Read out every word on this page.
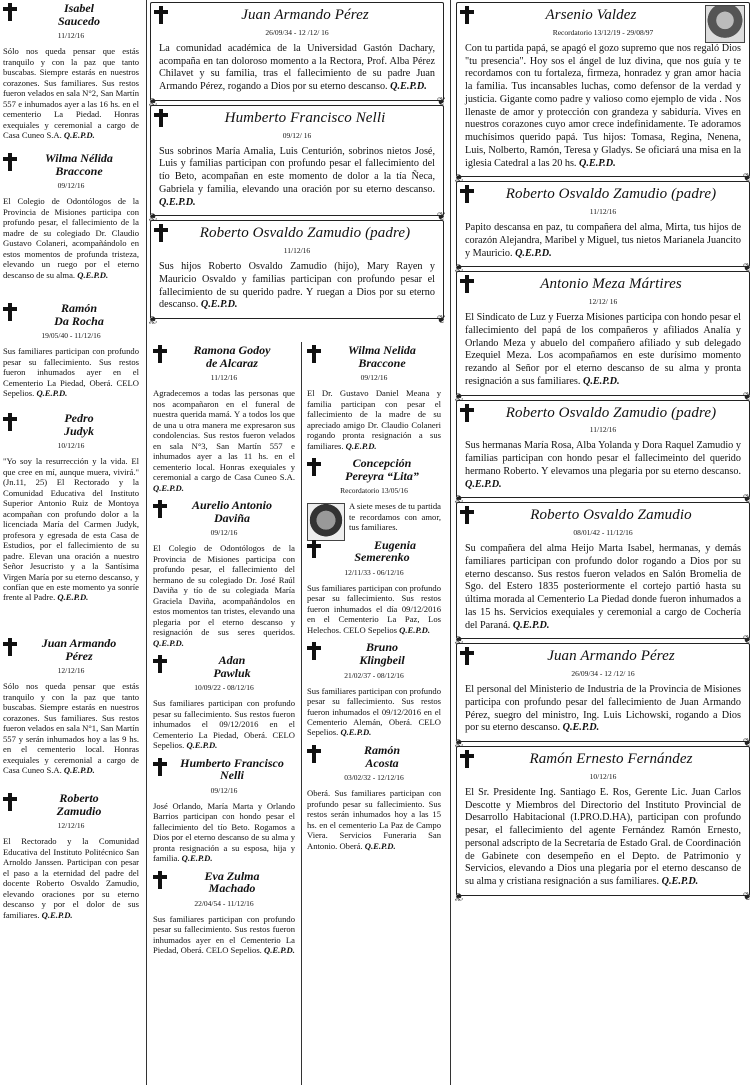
Isabel
Saucedo
11/12/16
Sólo nos queda pensar que estás tranquilo y con la paz que tanto buscabas. Siempre estarás en nuestros corazones. Sus familiares. Sus restos fueron velados en sala N°2, San Martín 557 e inhumados ayer a las 16 hs. en el cementerio La Piedad. Honras exequiales y ceremonial a cargo de Casa Cuneo S.A. Q.E.P.D.
Wilma Nélida
Braccone
09/12/16
El Colegio de Odontólogos de la Provincia de Misiones participa con profundo pesar, el fallecimiento de la madre de su colegiado Dr. Claudio Gustavo Colaneri, acompañándolo en estos momentos de profunda tristeza, elevando un ruego por el eterno descanso de su alma. Q.E.P.D.
Ramón
Da Rocha
19/05/40 - 11/12/16
Sus familiares participan con profundo pesar su fallecimiento. Sus restos fueron inhumados ayer en el Cementerio La Piedad, Oberá. CELO Sepelios. Q.E.P.D.
Pedro
Judyk
10/12/16
"Yo soy la resurrección y la vida. El que cree en mí, aunque muera, vivirá." (Jn.11, 25) El Rectorado y la Comunidad Educativa del Instituto Superior Antonio Ruiz de Montoya acompañan con profundo dolor a la licenciada María del Carmen Judyk, profesora y egresada de esta Casa de Estudios, por el fallecimiento de su padre. Elevan una oración a nuestro Señor Jesucristo y a la Santísima Virgen María por su eterno descanso, y confían que en este momento ya sonríe frente al Padre. Q.E.P.D.
Juan Armando
Pérez
12/12/16
Sólo nos queda pensar que estás tranquilo y con la paz que tanto buscabas. Siempre estarás en nuestros corazones. Sus familiares. Sus restos fueron velados en sala N°1, San Martín 557 y serán inhumados hoy a las 9 hs. en el cementerio local. Honras exequiales y ceremonial a cargo de Casa Cuneo S.A. Q.E.P.D.
Roberto
Zamudio
12/12/16
El Rectorado y la Comunidad Educativa del Instituto Politécnico San Arnoldo Janssen. Participan con pesar el paso a la eternidad del padre del docente Roberto Osvaldo Zamudio, elevando oraciones por su eterno descanso y por el dolor de sus familiares. Q.E.P.D.
❦ Juan Armando Pérez
26/09/34 - 12 /12/ 16
La comunidad académica de la Universidad Gastón Dachary, acompaña en tan doloroso momento a la Rectora, Prof. Alba Pérez Chilavet y su familia, tras el fallecimiento de su padre Juan Armando Pérez, rogando a Dios por su eterno descanso. Q.E.P.D.
❦
❦ Humberto Francisco Nelli
09/12/ 16
Sus sobrinos María Amalia, Luis Centurión, sobrinos nietos José, Luis y familias participan con profundo pesar el fallecimiento del tío Beto, acompañan en este momento de dolor a la tía Ñeca, Gabriela y familia, elevando una oración por su eterno descanso. Q.E.P.D.
❦
❦ Roberto Osvaldo Zamudio (padre)
11/12/16
Sus hijos Roberto Osvaldo Zamudio (hijo), Mary Rayen y Mauricio Osvaldo y familias participan con profundo pesar el fallecimiento de su querido padre. Y ruegan a Dios por su eterno descanso. Q.E.P.D.
❦
Ramona Godoy
de Alcaraz
11/12/16
Agradecemos a todas las personas que nos acompañaron en el funeral de nuestra querida mamá. Y a todos los que de una u otra manera me expresaron sus condolencias. Sus restos fueron velados en sala N°3, San Martín 557 e inhumados ayer a las 11 hs. en el cementerio local. Honras exequiales y ceremonial a cargo de Casa Cuneo S.A. Q.E.P.D.
Aurelio Antonio
Daviña
09/12/16
El Colegio de Odontólogos de la Provincia de Misiones participa con profundo pesar, el fallecimiento del hermano de su colegiado Dr. José Raúl Daviña y tío de su colegiada María Graciela Daviña, acompañándolos en estos momentos tan tristes, elevando una plegaria por el eterno descanso y resignación de sus seres queridos. Q.E.P.D.
Adan
Pawluk
10/09/22 - 08/12/16
Sus familiares participan con profundo pesar su fallecimiento. Sus restos fueron inhumados el 09/12/2016 en el Cementerio La Piedad, Oberá. CELO Sepelios. Q.E.P.D.
Humberto Francisco
Nelli
09/12/16
José Orlando, María Marta y Orlando Barrios participan con hondo pesar el fallecimiento del tío Beto. Rogamos a Dios por el eterno descanso de su alma y pronta resignación a su esposa, hija y familia. Q.E.P.D.
Eva Zulma
Machado
22/04/54 - 11/12/16
Sus familiares participan con profundo pesar su fallecimiento. Sus restos fueron inhumados ayer en el Cementerio La Piedad, Oberá. CELO Sepelios. Q.E.P.D.
Wilma Nelida
Braccone
09/12/16
El Dr. Gustavo Daniel Meana y familia participan con pesar el fallecimiento de la madre de su apreciado amigo Dr. Claudio Colaneri rogando pronta resignación a sus familiares. Q.E.P.D.
Concepción
Pereyra “Lita”
Recordatorio 13/05/16
A siete meses de tu partida te recordamos con amor, tus familiares.
Eugenia
Semerenko
12/11/33 - 06/12/16
Sus familiares participan con profundo pesar su fallecimiento. Sus restos fueron inhumados el día 09/12/2016 en el Cementerio La Paz, Los Helechos. CELO Sepelios Q.E.P.D.
Bruno
Klingbeil
21/02/37 - 08/12/16
Sus familiares participan con profundo pesar su fallecimiento. Sus restos fueron inhumados el 09/12/2016 en el Cementerio Alemán, Oberá. CELO Sepelios. Q.E.P.D.
Ramón
Acosta
03/02/32 - 12/12/16
Oberá. Sus familiares participan con profundo pesar su fallecimiento. Sus restos serán inhumados hoy a las 15 hs. en el cementerio La Paz de Campo Viera. Servicios Funeraria San Antonio. Oberá. Q.E.P.D.
❦ Arsenio Valdez
Recordatorio 13/12/19 - 29/08/97
Con tu partida papá, se apagó el gozo supremo que nos regaló Dios "tu presencia". Hoy sos el ángel de luz divina, que nos guía y te recordamos con tu fortaleza, firmeza, honradez y gran amor hacia la familia. Tus incansables luchas, como defensor de la verdad y justicia. Gigante como padre y valioso como ejemplo de vida . Nos llenaste de amor y protección con grandeza y sabiduría. Vives en nuestros corazones cuyo amor crece indefinidamente. Te adoramos muchísimos querido papá. Tus hijos: Tomasa, Regina, Nenena, Luis, Nolberto, Ramón, Teresa y Gladys. Se oficiará una misa en la iglesia Catedral a las 20 hs. Q.E.P.D.
❦
❦ Roberto Osvaldo Zamudio (padre)
11/12/16
Papito descansa en paz, tu compañera del alma, Mirta, tus hijos de corazón Alejandra, Maribel y Miguel, tus nietos Marianela Juancito y Mauricio. Q.E.P.D.
❦
❦ Antonio Meza Mártires
12/12/ 16
El Sindicato de Luz y Fuerza Misiones participa con hondo pesar el fallecimiento del papá de los compañeros y afiliados Analía y Orlando Meza y abuelo del compañero afiliado y sub delegado Ezequiel Meza. Los acompañamos en este durísimo momento rezando al Señor por el eterno descanso de su alma y pronta resignación a sus familiares. Q.E.P.D.
❦
❦ Roberto Osvaldo Zamudio (padre)
11/12/16
Sus hermanas María Rosa, Alba Yolanda y Dora Raquel Zamudio y familias participan con hondo pesar el fallecimeinto del querido hermano Roberto. Y elevamos una plegaria por su eterno descanso. Q.E.P.D.
❦
❦ Roberto Osvaldo Zamudio
08/01/42 - 11/12/16
Su compañera del alma Heijo Marta Isabel, hermanas, y demás familiares participan con profundo dolor rogando a Dios por su eterno descanso. Sus restos fueron velados en Salón Bromelia de Sgo. del Estero 1835 posteriormente el cortejo partió hasta su última morada al Cementerio La Piedad donde fueron inhumados a las 15 hs. Servicios exequiales y ceremonial a cargo de Cochería del Paraná. Q.E.P.D.
❦
❦ Juan Armando Pérez
26/09/34 - 12 /12/ 16
El personal del Ministerio de Industria de la Provincia de Misiones participa con profundo pesar del fallecimiento de Juan Armando Pérez, suegro del ministro, Ing. Luis Lichowski, rogando a Dios por su eterno descanso. Q.E.P.D.
❦
❦ Ramón Ernesto Fernández
10/12/16
El Sr. Presidente Ing. Santiago E. Ros, Gerente Lic. Juan Carlos Descotte y Miembros del Directorio del Instituto Provincial de Desarrollo Habitacional (I.PRO.D.HA), participan con profundo pesar, el fallecimiento del agente Fernández Ramón Ernesto, personal adscripto de la Secretaría de Estado Gral. de Coordinación de Gabinete con desempeño en el Depto. de Patrimonio y Servicios, elevando a Dios una plegaria por el eterno descanso de su alma y cristiana resignación a sus familiares. Q.E.P.D.
❦
